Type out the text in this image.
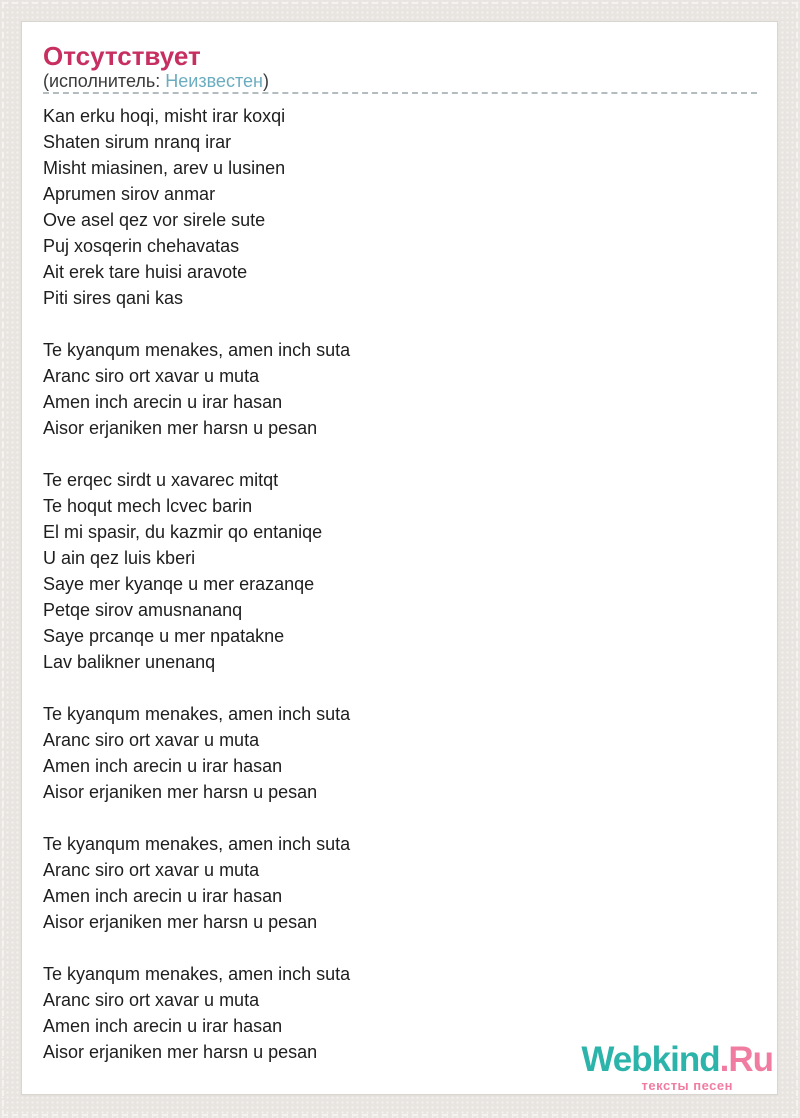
Отсутствует
(исполнитель: Неизвестен)

Kan erku hoqi, misht irar koxqi
Shaten sirum nranq irar
Misht miasinen, arev u lusinen
Aprumen sirov anmar
Ove asel qez vor sirele sute
Puj xosqerin chehavatas
Ait erek tare huisi aravote
Piti sires qani kas

Te kyanqum menakes, amen inch suta
Aranc siro ort xavar u muta
Amen inch arecin u irar hasan
Aisor erjaniken mer harsn u pesan

Te erqec sirdt u xavarec mitqt
Te hoqut mech lcvec barin
El mi spasir, du kazmir qo entaniqe
U ain qez luis kberi
Saye mer kyanqe u mer erazanqe
Petqe sirov amusnananq
Saye prcanqe u mer npatakne
Lav balikner unenanq

Te kyanqum menakes, amen inch suta
Aranc siro ort xavar u muta
Amen inch arecin u irar hasan
Aisor erjaniken mer harsn u pesan

Te kyanqum menakes, amen inch suta
Aranc siro ort xavar u muta
Amen inch arecin u irar hasan
Aisor erjaniken mer harsn u pesan

Te kyanqum menakes, amen inch suta
Aranc siro ort xavar u muta
Amen inch arecin u irar hasan
Aisor erjaniken mer harsn u pesan	Webkind.Ru
тексты песен
